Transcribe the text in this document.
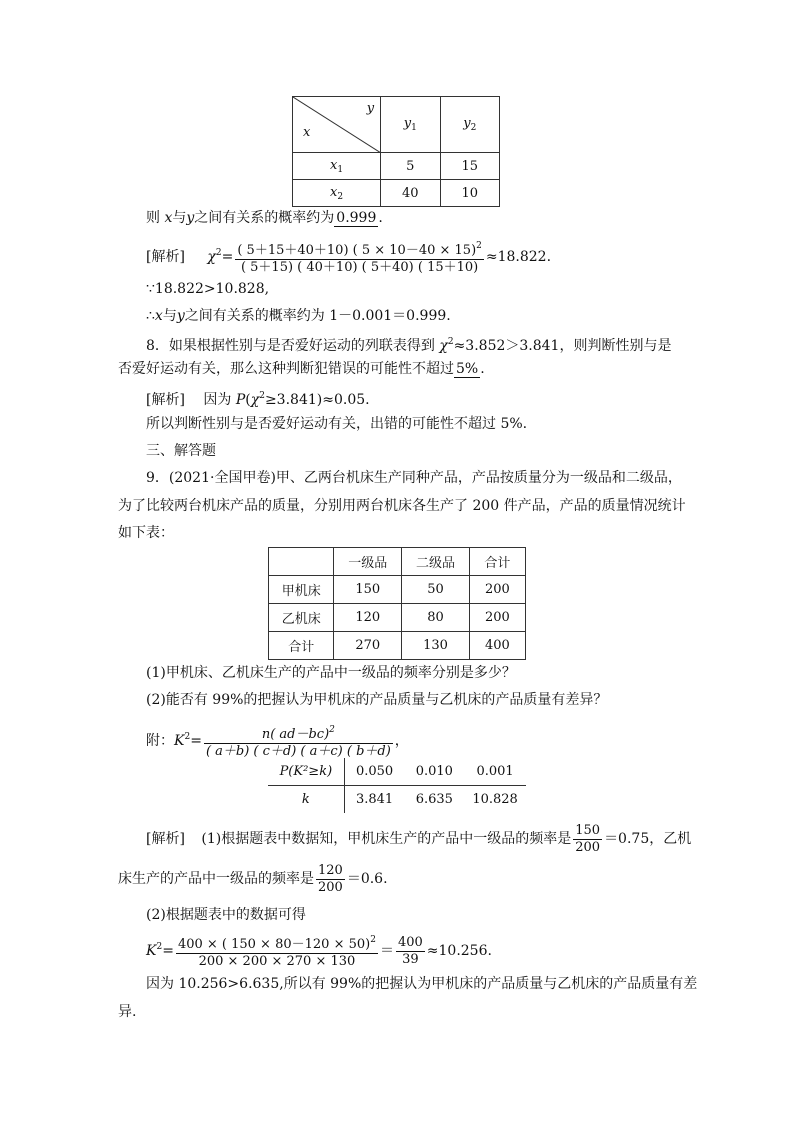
y
x	$y_1$	$y_2$
$x_1$	5	15
$x_2$	40	10
则 x与y之间有关系的概率约为 0.999 .
[解析] $\chi^2= \frac{( 5+15+40+10) ( 5 \times 10-40 \times 15)^2}{( 5+15) ( 40+10) ( 5+40) ( 15+10)} \approx 18.822$.
∵18.822>10.828,
∴x与y之间有关系的概率约为 1－0.001＝0.999.
8．如果根据性别与是否爱好运动的列联表得到 $\chi^2\approx 3.852>3.841$，则判断性别与是
否爱好运动有关，那么这种判断犯错误的可能性不超过 5% .
[解析] 因为 $P(\chi^2\ge 3.841)\approx 0.05$.
所以判断性别与是否爱好运动有关，出错的可能性不超过 5%.
三、解答题
9．(2021·全国甲卷)甲、乙两台机床生产同种产品，产品按质量分为一级品和二级品，
为了比较两台机床产品的质量，分别用两台机床各生产了 200 件产品，产品的质量情况统计
如下表：
	一级品	二级品	合计
甲机床	150	50	200
乙机床	120	80	200
合计	270	130	400
(1)甲机床、乙机床生产的产品中一级品的频率分别是多少？
(2)能否有 99%的把握认为甲机床的产品质量与乙机床的产品质量有差异？
附：$K^2= \frac{n( ad-bc)^2}{( a+b) ( c+d) ( a+c) ( b+d)}$ ，
P(K²≥k)	0.050	0.010	0.001
k	3.841	6.635	10.828
[解析] (1)根据题表中数据知，甲机床生产的产品中一级品的频率是 $\frac{150}{200} =0.75$，乙机
床生产的产品中一级品的频率是 $\frac{120}{200} =0.6$.
(2)根据题表中的数据可得
$K^2= \frac{400 \times ( 150 \times 80-120 \times 50)^2}{200 \times 200 \times 270 \times 130} = \frac{400}{39} \approx 10.256$.
因为 10.256>6.635,所以有 99%的把握认为甲机床的产品质量与乙机床的产品质量有差
异.
